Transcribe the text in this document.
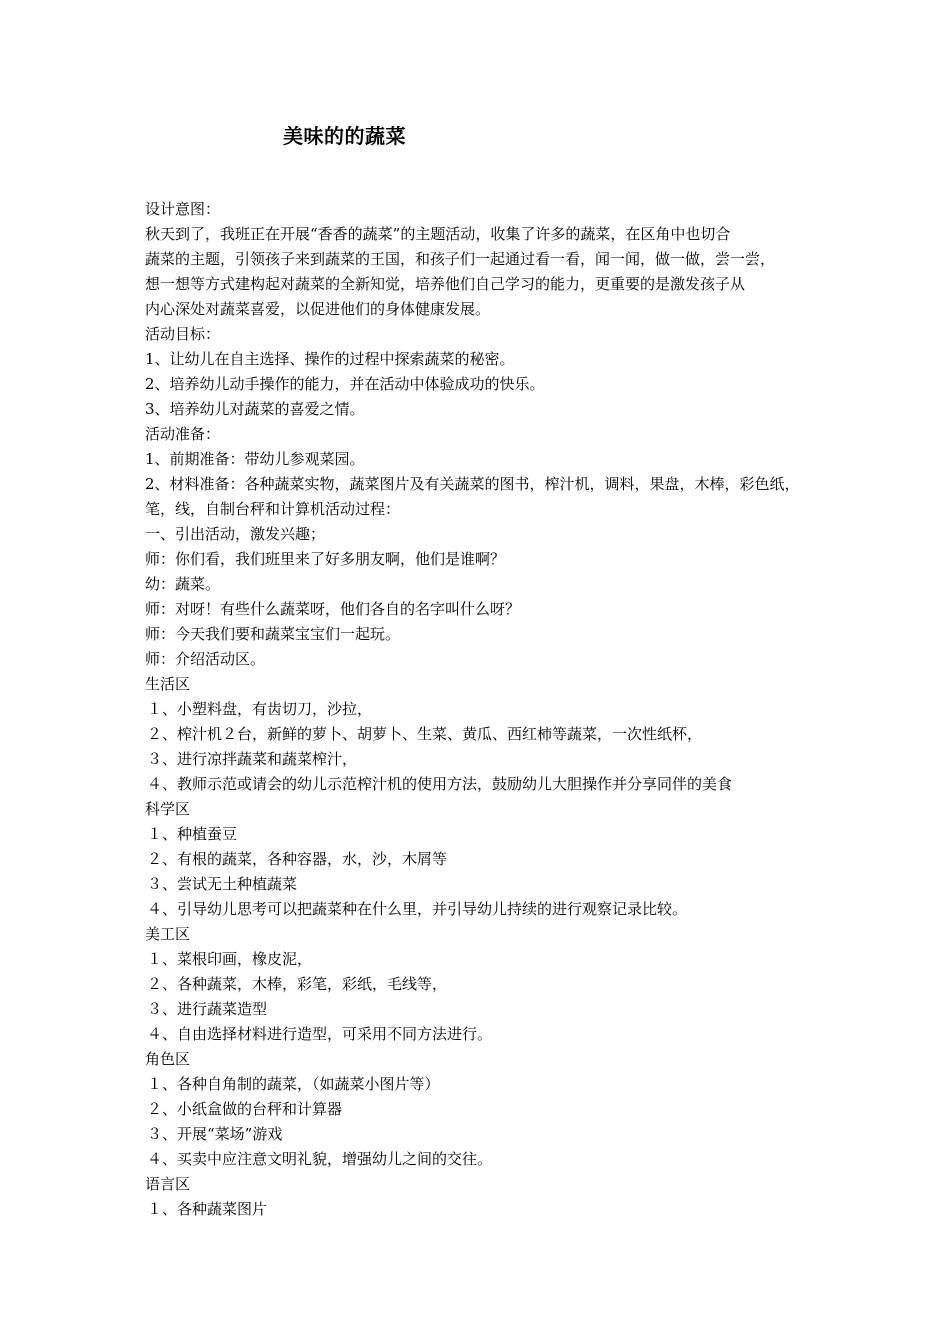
美味的的蔬菜
设计意图：
秋天到了，我班正在开展“香香的蔬菜”的主题活动，收集了许多的蔬菜，在区角中也切合
蔬菜的主题，引领孩子来到蔬菜的王国，和孩子们一起通过看一看，闻一闻，做一做，尝一尝，
想一想等方式建构起对蔬菜的全新知觉，培养他们自己学习的能力，更重要的是激发孩子从
内心深处对蔬菜喜爱，以促进他们的身体健康发展。
活动目标：
1、让幼儿在自主选择、操作的过程中探索蔬菜的秘密。
2、培养幼儿动手操作的能力，并在活动中体验成功的快乐。
3、培养幼儿对蔬菜的喜爱之情。
活动准备：
1、前期准备：带幼儿参观菜园。
2、材料准备：各种蔬菜实物，蔬菜图片及有关蔬菜的图书，榨汁机，调料，果盘，木棒，彩色纸，
笔，线，自制台秤和计算机活动过程：
一、引出活动，激发兴趣；
师：你们看，我们班里来了好多朋友啊，他们是谁啊？
幼：蔬菜。
师：对呀！有些什么蔬菜呀，他们各自的名字叫什么呀？
师：今天我们要和蔬菜宝宝们一起玩。
师：介绍活动区。
生活区
１、小塑料盘，有齿切刀，沙拉，
２、榨汁机２台，新鲜的萝卜、胡萝卜、生菜、黄瓜、西红柿等蔬菜，一次性纸杯，
３、进行凉拌蔬菜和蔬菜榨汁，
４、教师示范或请会的幼儿示范榨汁机的使用方法，鼓励幼儿大胆操作并分享同伴的美食
科学区
１、种植蚕豆
２、有根的蔬菜，各种容器，水，沙，木屑等
３、尝试无土种植蔬菜
４、引导幼儿思考可以把蔬菜种在什么里，并引导幼儿持续的进行观察记录比较。
美工区
１、菜根印画，橡皮泥，
２、各种蔬菜，木棒，彩笔，彩纸，毛线等，
３、进行蔬菜造型
４、自由选择材料进行造型，可采用不同方法进行。
角色区
１、各种自角制的蔬菜，（如蔬菜小图片等）
２、小纸盒做的台秤和计算器
３、开展“菜场”游戏
４、买卖中应注意文明礼貌，增强幼儿之间的交往。
语言区
１、各种蔬菜图片
